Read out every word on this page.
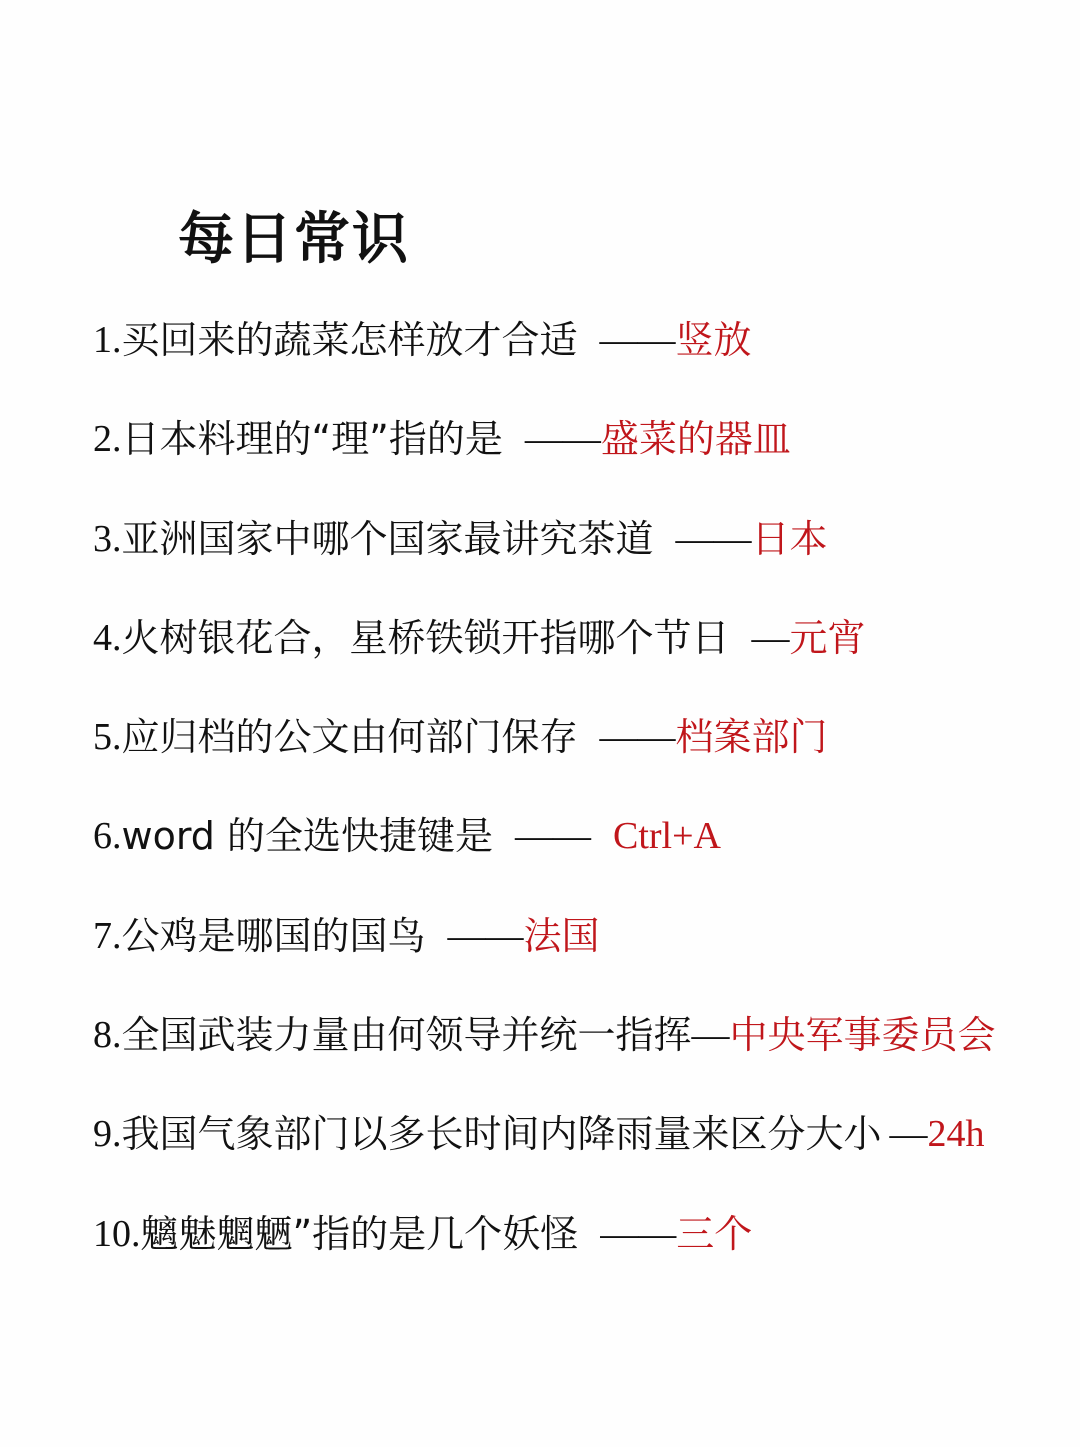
每日常识
1. 买回来的蔬菜怎样放才合适 —— 竖放
2. 日本料理的“理”指的是 —— 盛菜的器皿
3. 亚洲国家中哪个国家最讲究茶道 —— 日本
4. 火树银花合，星桥铁锁开指哪个节日 — 元宵
5. 应归档的公文由何部门保存 —— 档案部门
6. word 的全选快捷键是 —— Ctrl+A
7. 公鸡是哪国的国鸟 —— 法国
8. 全国武装力量由何领导并统一指挥 — 中央军事委员会
9. 我国气象部门以多长时间内降雨量来区分大小 — 24h
10. 魑魅魍魉”指的是几个妖怪 —— 三个
